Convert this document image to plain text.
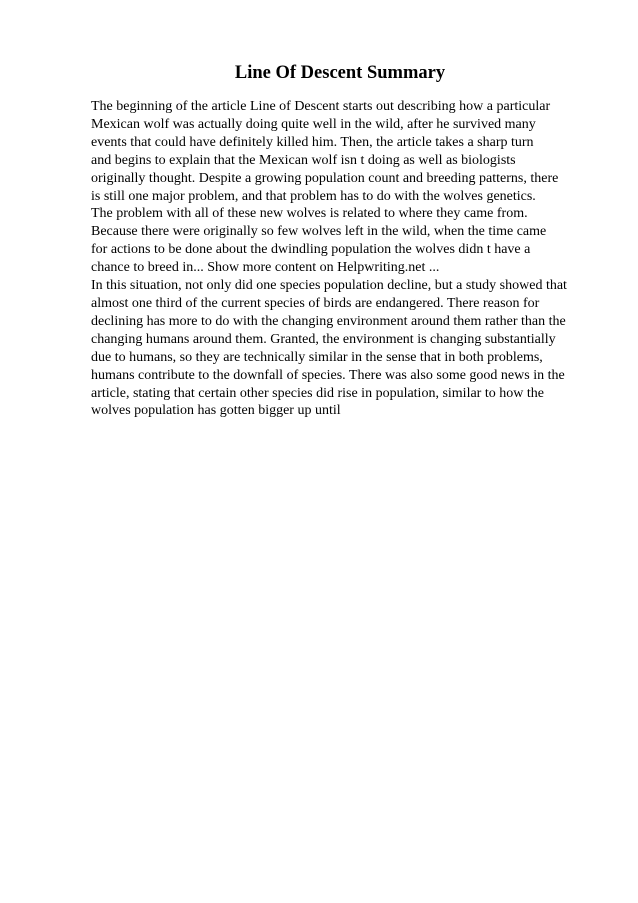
Line Of Descent Summary
The beginning of the article Line of Descent starts out describing how a particular
Mexican wolf was actually doing quite well in the wild, after he survived many
events that could have definitely killed him. Then, the article takes a sharp turn
and begins to explain that the Mexican wolf isn t doing as well as biologists
originally thought. Despite a growing population count and breeding patterns, there
is still one major problem, and that problem has to do with the wolves genetics.
The problem with all of these new wolves is related to where they came from.
Because there were originally so few wolves left in the wild, when the time came
for actions to be done about the dwindling population the wolves didn t have a
chance to breed in... Show more content on Helpwriting.net ...
In this situation, not only did one species population decline, but a study showed that
almost one third of the current species of birds are endangered. There reason for
declining has more to do with the changing environment around them rather than the
changing humans around them. Granted, the environment is changing substantially
due to humans, so they are technically similar in the sense that in both problems,
humans contribute to the downfall of species. There was also some good news in the
article, stating that certain other species did rise in population, similar to how the
wolves population has gotten bigger up until
